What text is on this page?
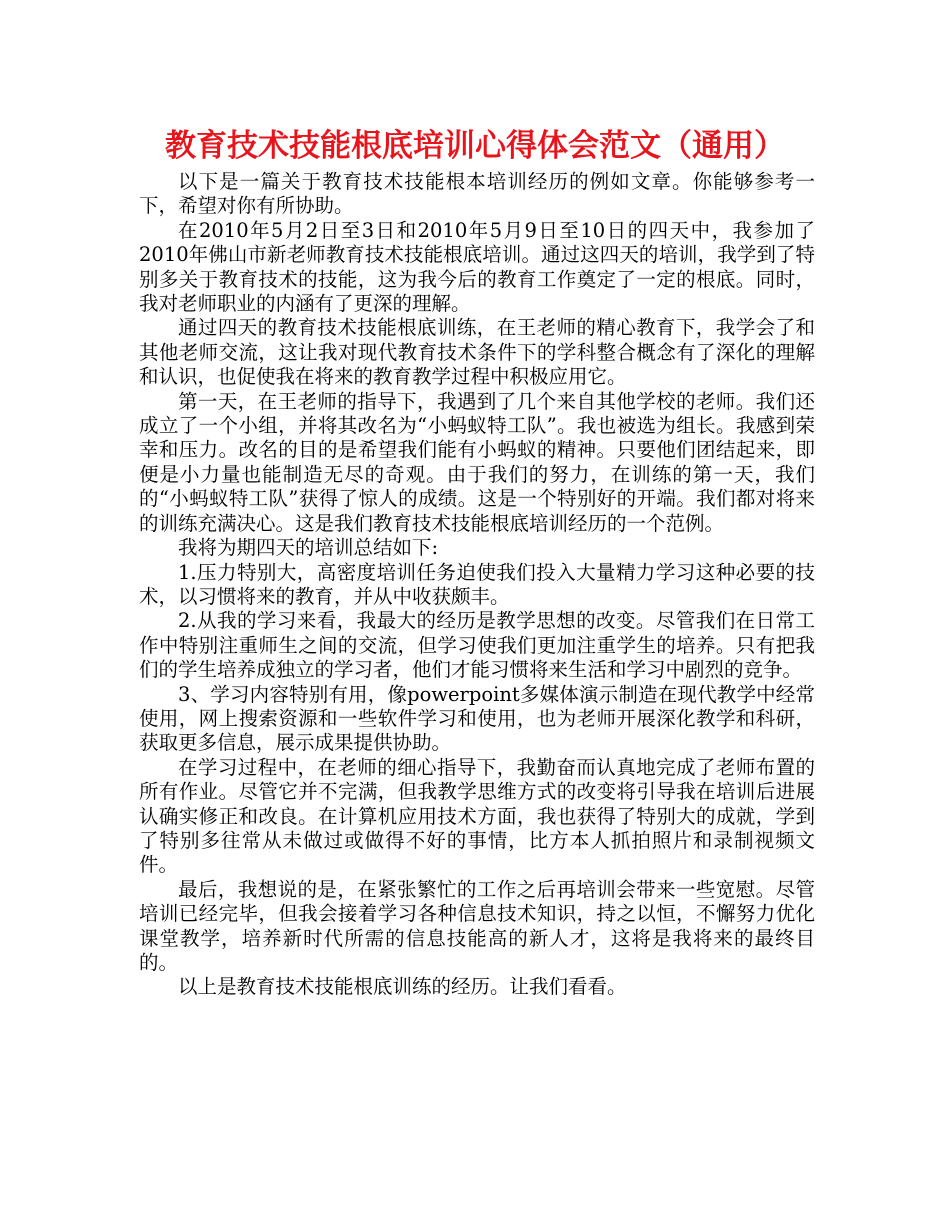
教育技术技能根底培训心得体会范文（通用）

以下是一篇关于教育技术技能根本培训经历的例如文章。你能够参考一下，希望对你有所协助。

在2010年5月2日至3日和2010年5月9日至10日的四天中，我参加了2010年佛山市新老师教育技术技能根底培训。通过这四天的培训，我学到了特别多关于教育技术的技能，这为我今后的教育工作奠定了一定的根底。同时，我对老师职业的内涵有了更深的理解。

通过四天的教育技术技能根底训练，在王老师的精心教育下，我学会了和其他老师交流，这让我对现代教育技术条件下的学科整合概念有了深化的理解和认识，也促使我在将来的教育教学过程中积极应用它。

第一天，在王老师的指导下，我遇到了几个来自其他学校的老师。我们还成立了一个小组，并将其改名为“小蚂蚁特工队”。我也被选为组长。我感到荣幸和压力。改名的目的是希望我们能有小蚂蚁的精神。只要他们团结起来，即便是小力量也能制造无尽的奇观。由于我们的努力，在训练的第一天，我们的“小蚂蚁特工队”获得了惊人的成绩。这是一个特别好的开端。我们都对将来的训练充满决心。这是我们教育技术技能根底培训经历的一个范例。

我将为期四天的培训总结如下:

1.压力特别大，高密度培训任务迫使我们投入大量精力学习这种必要的技术，以习惯将来的教育，并从中收获颇丰。

2.从我的学习来看，我最大的经历是教学思想的改变。尽管我们在日常工作中特别注重师生之间的交流，但学习使我们更加注重学生的培养。只有把我们的学生培养成独立的学习者，他们才能习惯将来生活和学习中剧烈的竞争。

3、学习内容特别有用，像powerpoint多媒体演示制造在现代教学中经常使用，网上搜索资源和一些软件学习和使用，也为老师开展深化教学和科研，获取更多信息，展示成果提供协助。

在学习过程中，在老师的细心指导下，我勤奋而认真地完成了老师布置的所有作业。尽管它并不完满，但我教学思维方式的改变将引导我在培训后进展认确实修正和改良。在计算机应用技术方面，我也获得了特别大的成就，学到了特别多往常从未做过或做得不好的事情，比方本人抓拍照片和录制视频文件。

最后，我想说的是，在紧张繁忙的工作之后再培训会带来一些宽慰。尽管培训已经完毕，但我会接着学习各种信息技术知识，持之以恒，不懈努力优化课堂教学，培养新时代所需的信息技能高的新人才，这将是我将来的最终目的。

以上是教育技术技能根底训练的经历。让我们看看。
